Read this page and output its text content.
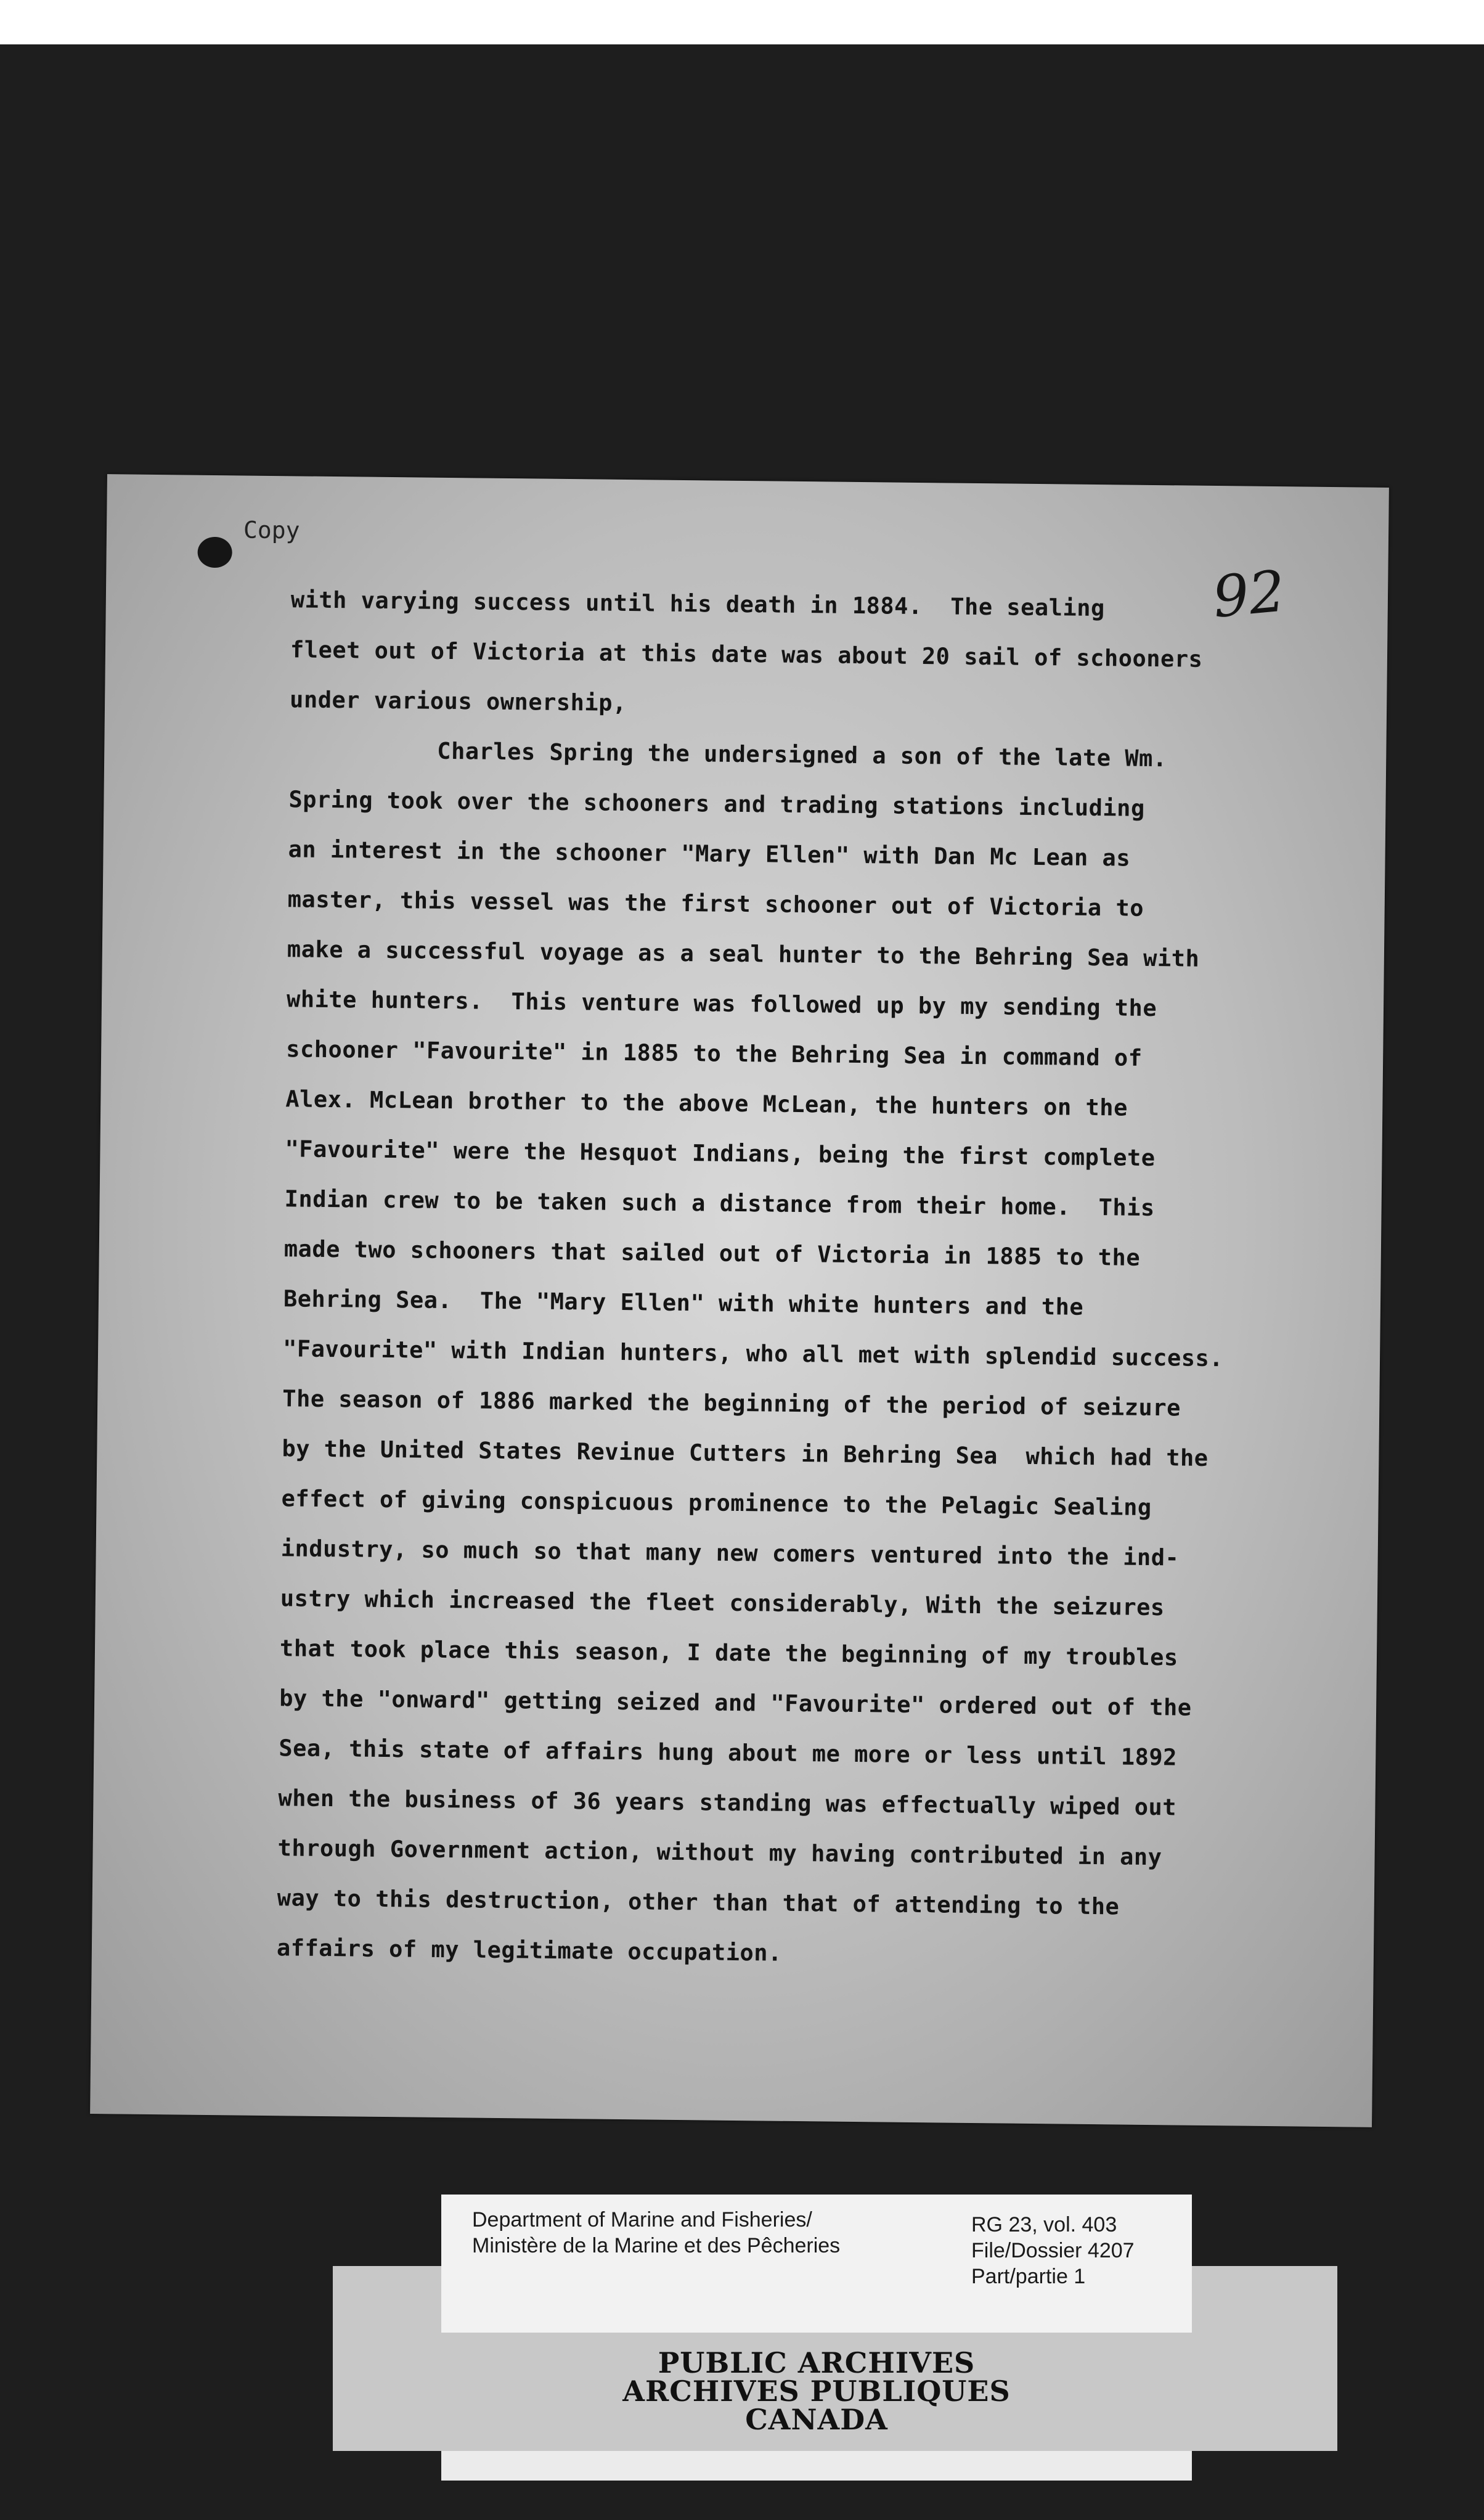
Copy
92
with varying success until his death in 1884.  The sealing
fleet out of Victoria at this date was about 20 sail of schooners
under various ownership,
Charles Spring the undersigned a son of the late Wm.
Spring took over the schooners and trading stations including
an interest in the schooner "Mary Ellen" with Dan Mc Lean as
master, this vessel was the first schooner out of Victoria to
make a successful voyage as a seal hunter to the Behring Sea with
white hunters.  This venture was followed up by my sending the
schooner "Favourite" in 1885 to the Behring Sea in command of
Alex. McLean brother to the above McLean, the hunters on the
"Favourite" were the Hesquot Indians, being the first complete
Indian crew to be taken such a distance from their home.  This
made two schooners that sailed out of Victoria in 1885 to the
Behring Sea.  The "Mary Ellen" with white hunters and the
"Favourite" with Indian hunters, who all met with splendid success.
The season of 1886 marked the beginning of the period of seizure
by the United States Revinue Cutters in Behring Sea  which had the
effect of giving conspicuous prominence to the Pelagic Sealing
industry, so much so that many new comers ventured into the ind-
ustry which increased the fleet considerably, With the seizures
that took place this season, I date the beginning of my troubles
by the "onward" getting seized and "Favourite" ordered out of the
Sea, this state of affairs hung about me more or less until 1892
when the business of 36 years standing was effectually wiped out
through Government action, without my having contributed in any
way to this destruction, other than that of attending to the
affairs of my legitimate occupation.
Department of Marine and Fisheries/
Ministère de la Marine et des Pêcheries
RG 23, vol. 403
File/Dossier 4207
Part/partie 1
PUBLIC ARCHIVES
ARCHIVES PUBLIQUES
CANADA
